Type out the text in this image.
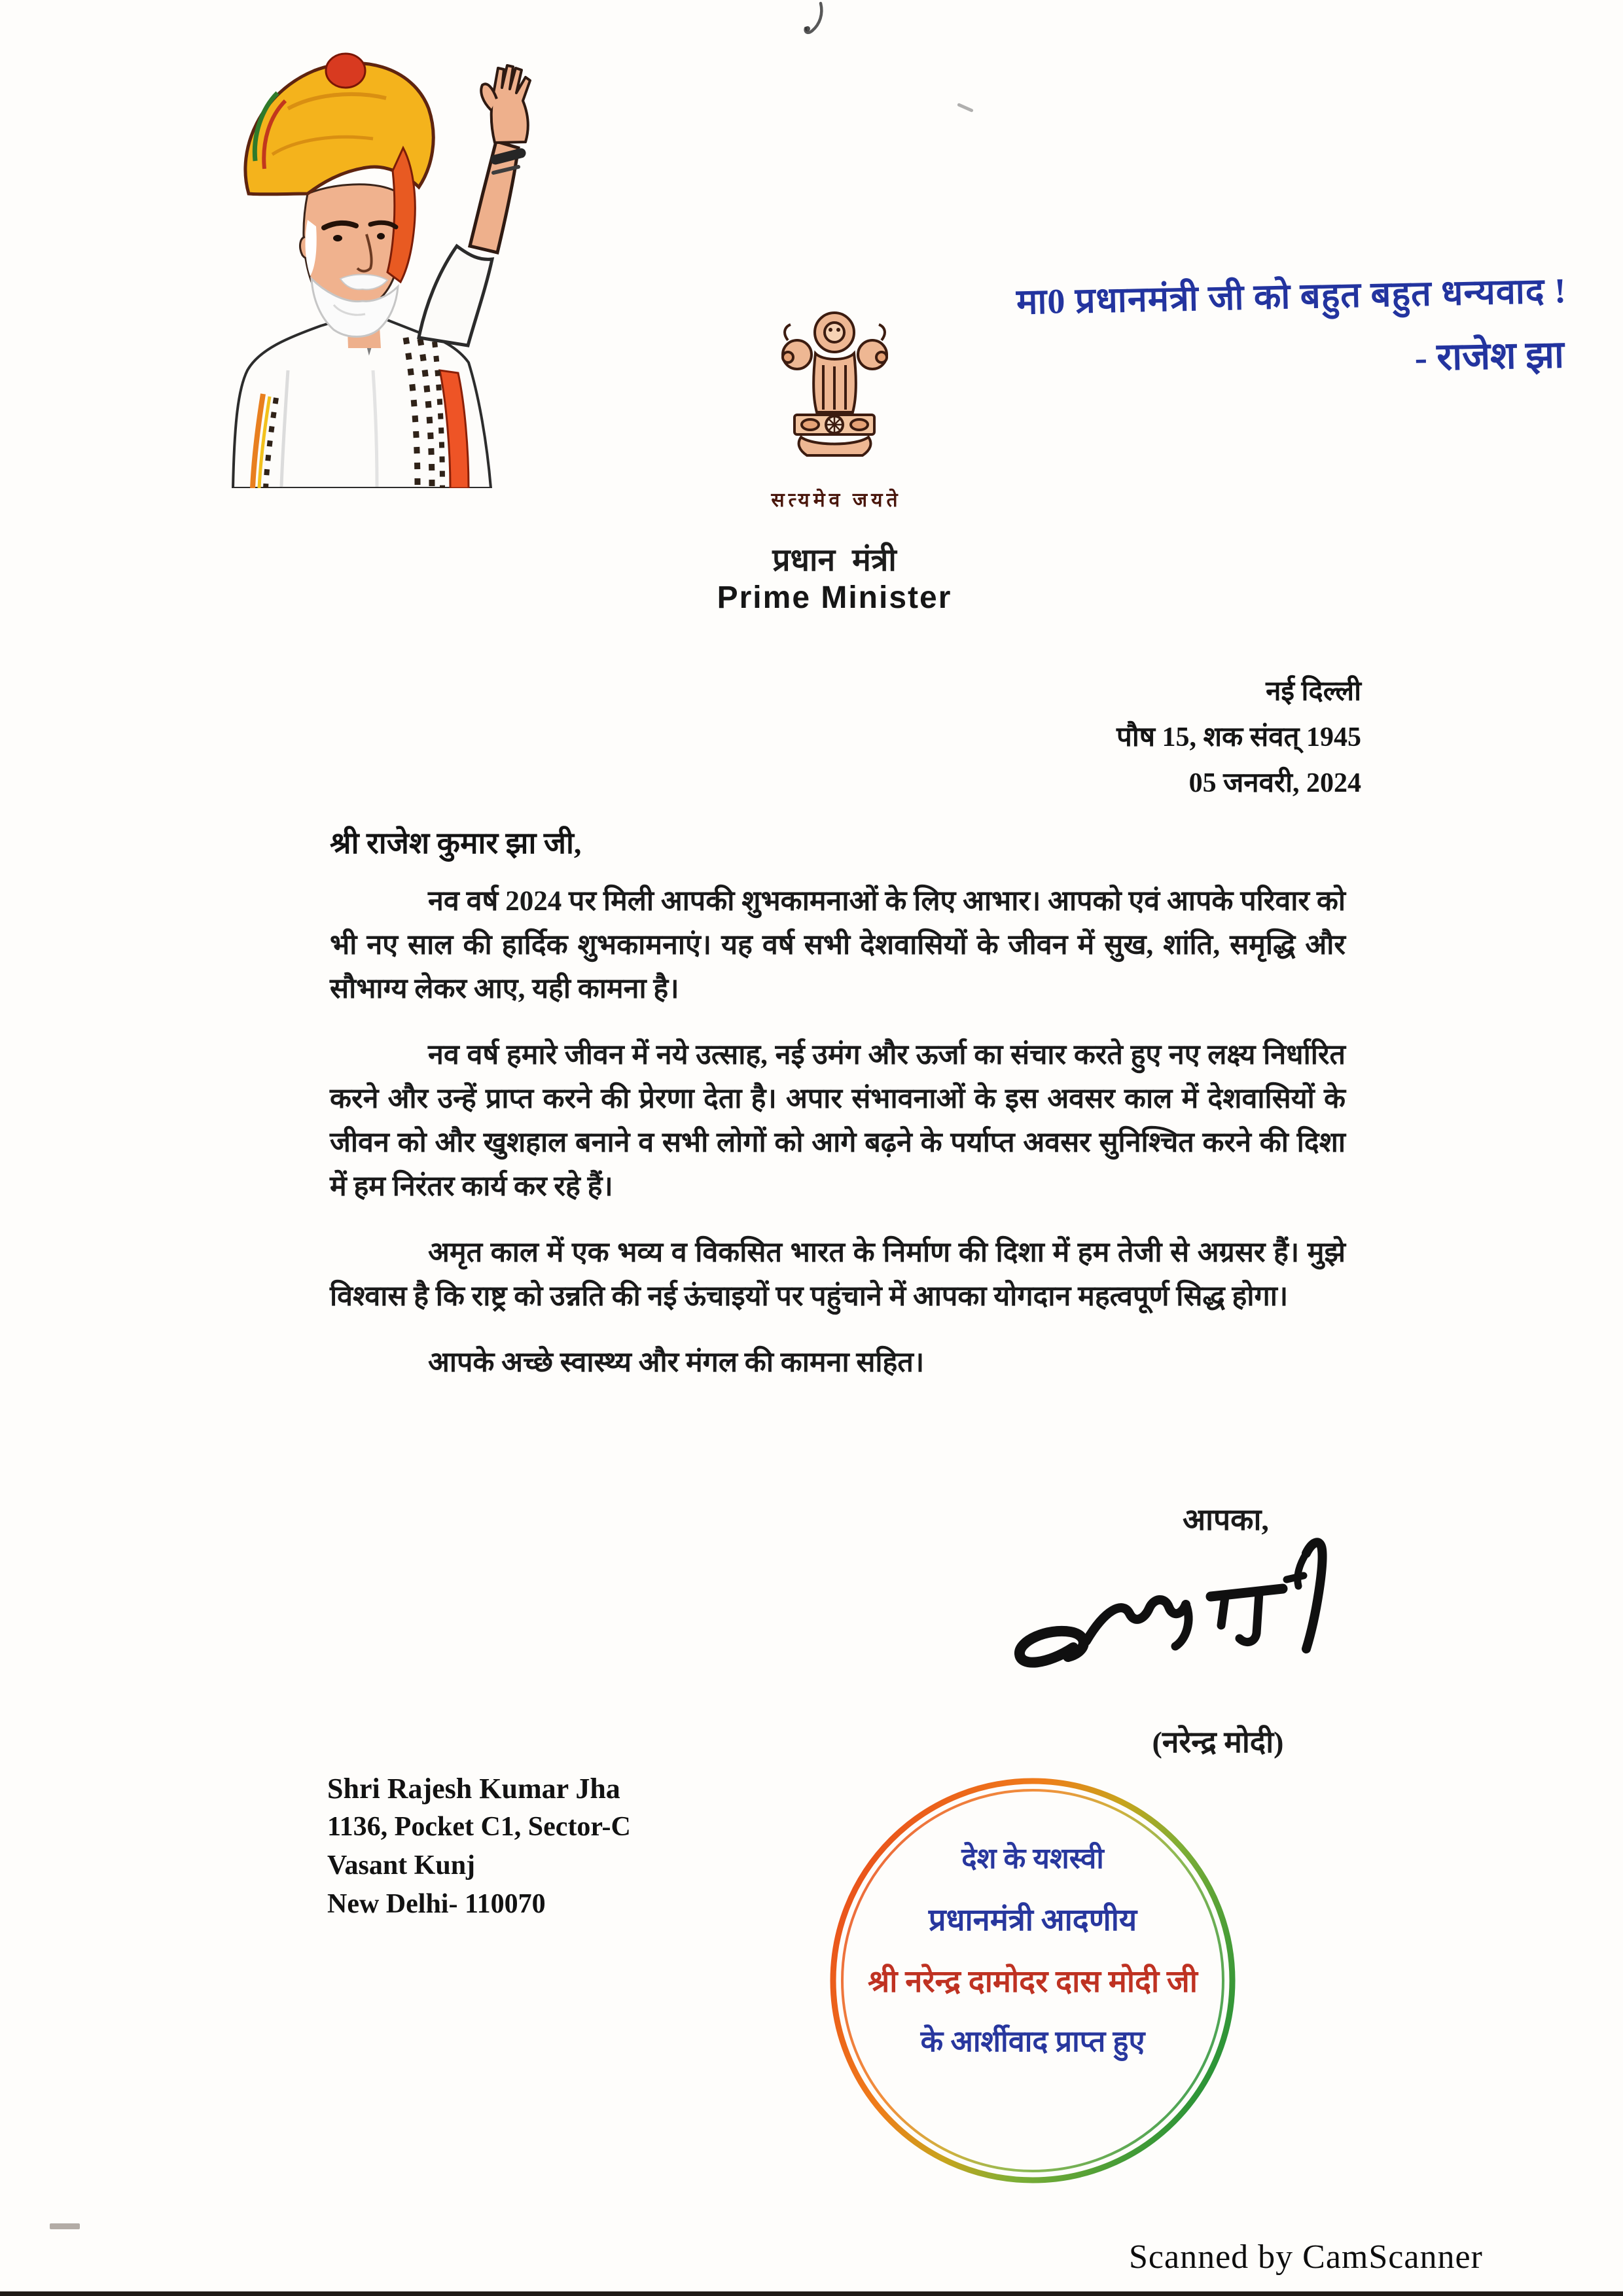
मा0 प्रधानमंत्री जी को बहुत बहुत धन्यवाद !
- राजेश झा
सत्यमेव जयते
प्रधान मंत्री
Prime Minister
नई दिल्ली
पौष 15, शक संवत् 1945
05 जनवरी, 2024
श्री राजेश कुमार झा जी,

नव वर्ष 2024 पर मिली आपकी शुभकामनाओं के लिए आभार। आपको एवं आपके परिवार को भी नए साल की हार्दिक शुभकामनाएं। यह वर्ष सभी देशवासियों के जीवन में सुख, शांति, समृद्धि और सौभाग्य लेकर आए, यही कामना है।

नव वर्ष हमारे जीवन में नये उत्साह, नई उमंग और ऊर्जा का संचार करते हुए नए लक्ष्य निर्धारित करने और उन्हें प्राप्त करने की प्रेरणा देता है। अपार संभावनाओं के इस अवसर काल में देशवासियों के जीवन को और खुशहाल बनाने व सभी लोगों को आगे बढ़ने के पर्याप्त अवसर सुनिश्चित करने की दिशा में हम निरंतर कार्य कर रहे हैं।

अमृत काल में एक भव्य व विकसित भारत के निर्माण की दिशा में हम तेजी से अग्रसर हैं। मुझे विश्वास है कि राष्ट्र को उन्नति की नई ऊंचाइयों पर पहुंचाने में आपका योगदान महत्वपूर्ण सिद्ध होगा।

आपके अच्छे स्वास्थ्य और मंगल की कामना सहित।

आपका,
(नरेन्द्र मोदी)
Shri Rajesh Kumar Jha
1136, Pocket C1, Sector-C
Vasant Kunj
New Delhi- 110070
देश के यशस्वी
प्रधानमंत्री आदणीय
श्री नरेन्द्र दामोदर दास मोदी जी
के आर्शीवाद प्राप्त हुए
Scanned by CamScanner
